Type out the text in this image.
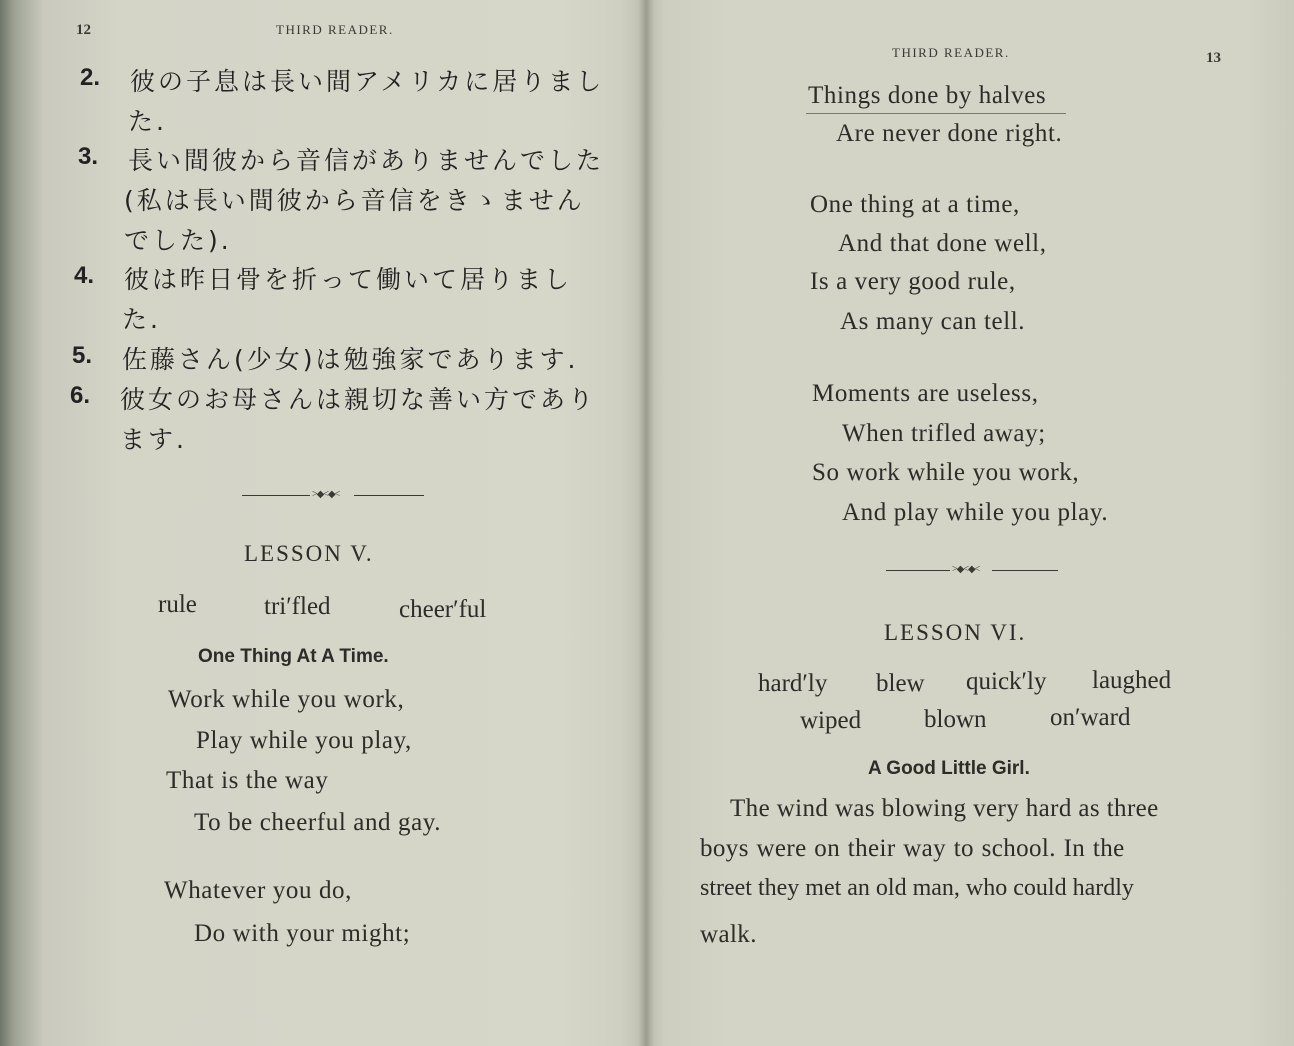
12	THIRD READER.
2. 彼の子息は長い間アメリカに居りまし
た.
3. 長い間彼から音信がありませんでした
(私は長い間彼から音信をきゝません
でした).
4. 彼は昨日骨を折って働いて居りまし
た.
5. 佐藤さん(少女)は勉強家であります.
6. 彼女のお母さんは親切な善い方であり
ます.
>◆<◆<
LESSON V.
rule	tri′fled	cheer′ful
One Thing At A Time.
Work while you work,
Play while you play,
That is the way
To be cheerful and gay.
Whatever you do,
Do with your might;
THIRD READER.	13
Things done by halves
Are never done right.
One thing at a time,
And that done well,
Is a very good rule,
As many can tell.
Moments are useless,
When trifled away;
So work while you work,
And play while you play.
>◆<◆<
LESSON VI.
hard′ly blew quick′ly laughed
wiped	blown	on′ward
A Good Little Girl.
The wind was blowing very hard as three
boys were on their way to school. In the
street they met an old man, who could hardly
walk.
